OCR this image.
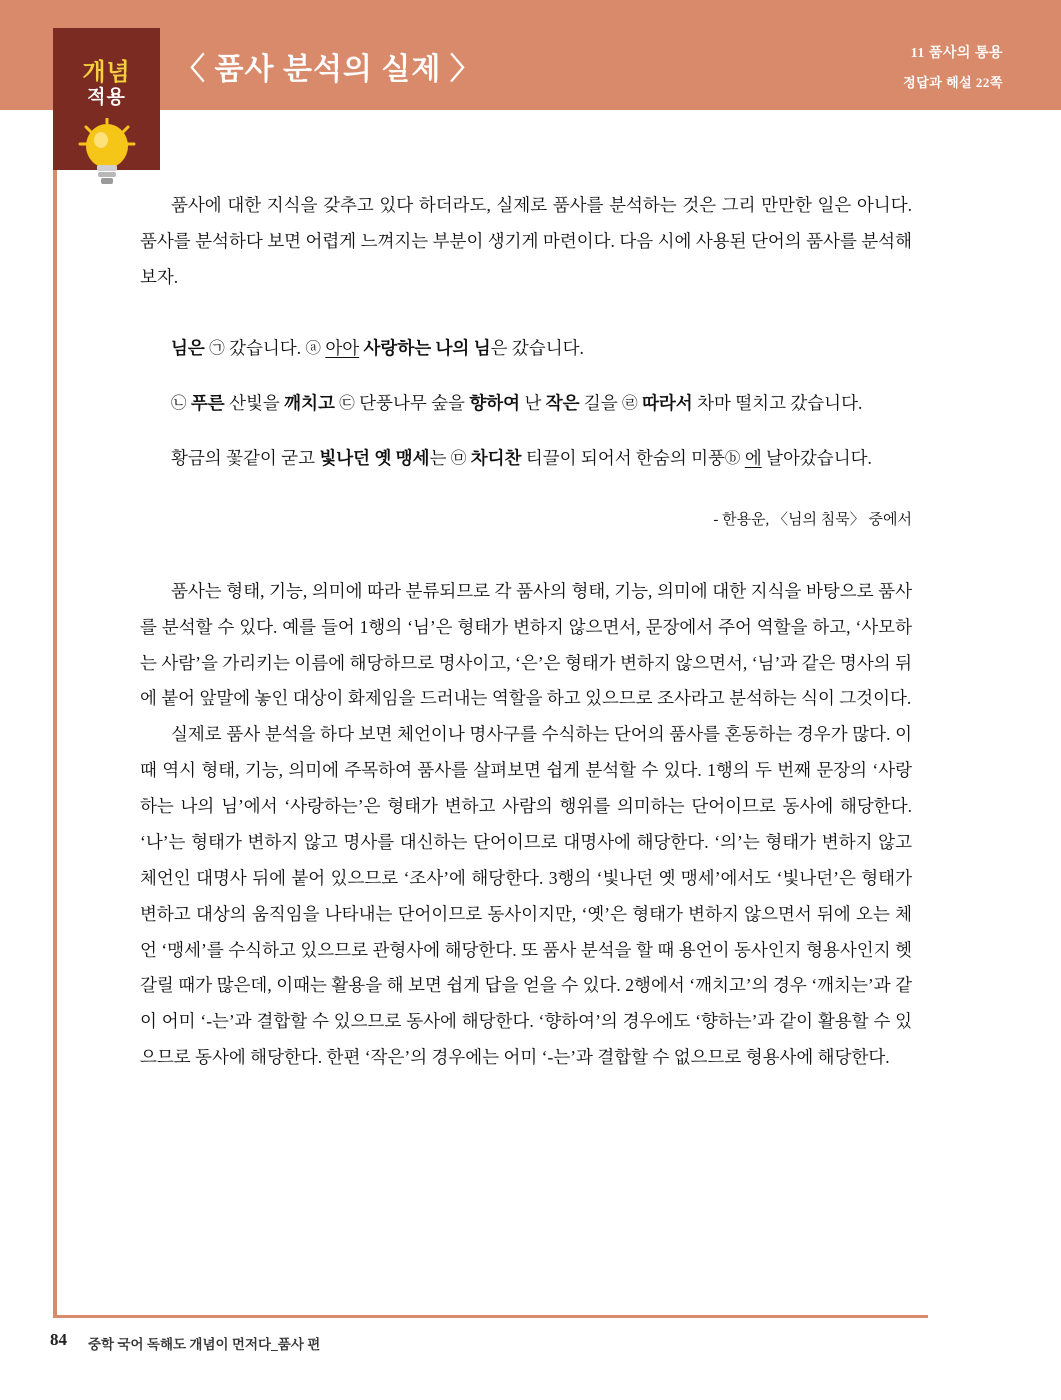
〈 품사 분석의 실제 〉	11 품사의 통용
정답과 해설 22쪽
개념
적용

품사에 대한 지식을 갖추고 있다 하더라도, 실제로 품사를 분석하는 것은 그리 만만한 일은 아니다. 품사를 분석하다 보면 어렵게 느껴지는 부분이 생기게 마련이다. 다음 시에 사용된 단어의 품사를 분석해 보자.

님은 ㉠ 갔습니다. ⓐ 아아 사랑하는 나의 님은 갔습니다.

㉡ 푸른 산빛을 깨치고 ㉢ 단풍나무 숲을 향하여 난 작은 길을 ㉣ 따라서 차마 떨치고 갔습니다.

황금의 꽃같이 굳고 빛나던 옛 맹세는 ㉤ 차디찬 티끌이 되어서 한숨의 미풍ⓑ 에 날아갔습니다.

- 한용운, 〈님의 침묵〉 중에서

품사는 형태, 기능, 의미에 따라 분류되므로 각 품사의 형태, 기능, 의미에 대한 지식을 바탕으로 품사를 분석할 수 있다. 예를 들어 1행의 ‘님’은 형태가 변하지 않으면서, 문장에서 주어 역할을 하고, ‘사모하는 사람’을 가리키는 이름에 해당하므로 명사이고, ‘은’은 형태가 변하지 않으면서, ‘님’과 같은 명사의 뒤에 붙어 앞말에 놓인 대상이 화제임을 드러내는 역할을 하고 있으므로 조사라고 분석하는 식이 그것이다.

실제로 품사 분석을 하다 보면 체언이나 명사구를 수식하는 단어의 품사를 혼동하는 경우가 많다. 이때 역시 형태, 기능, 의미에 주목하여 품사를 살펴보면 쉽게 분석할 수 있다. 1행의 두 번째 문장의 ‘사랑하는 나의 님’에서 ‘사랑하는’은 형태가 변하고 사람의 행위를 의미하는 단어이므로 동사에 해당한다. ‘나’는 형태가 변하지 않고 명사를 대신하는 단어이므로 대명사에 해당한다. ‘의’는 형태가 변하지 않고 체언인 대명사 뒤에 붙어 있으므로 ‘조사’에 해당한다. 3행의 ‘빛나던 옛 맹세’에서도 ‘빛나던’은 형태가 변하고 대상의 움직임을 나타내는 단어이므로 동사이지만, ‘옛’은 형태가 변하지 않으면서 뒤에 오는 체언 ‘맹세’를 수식하고 있으므로 관형사에 해당한다. 또 품사 분석을 할 때 용언이 동사인지 형용사인지 헷갈릴 때가 많은데, 이때는 활용을 해 보면 쉽게 답을 얻을 수 있다. 2행에서 ‘깨치고’의 경우 ‘깨치는’과 같이 어미 ‘-는’과 결합할 수 있으므로 동사에 해당한다. ‘향하여’의 경우에도 ‘향하는’과 같이 활용할 수 있으므로 동사에 해당한다. 한편 ‘작은’의 경우에는 어미 ‘-는’과 결합할 수 없으므로 형용사에 해당한다.

84 중학 국어 독해도 개념이 먼저다_품사 편
